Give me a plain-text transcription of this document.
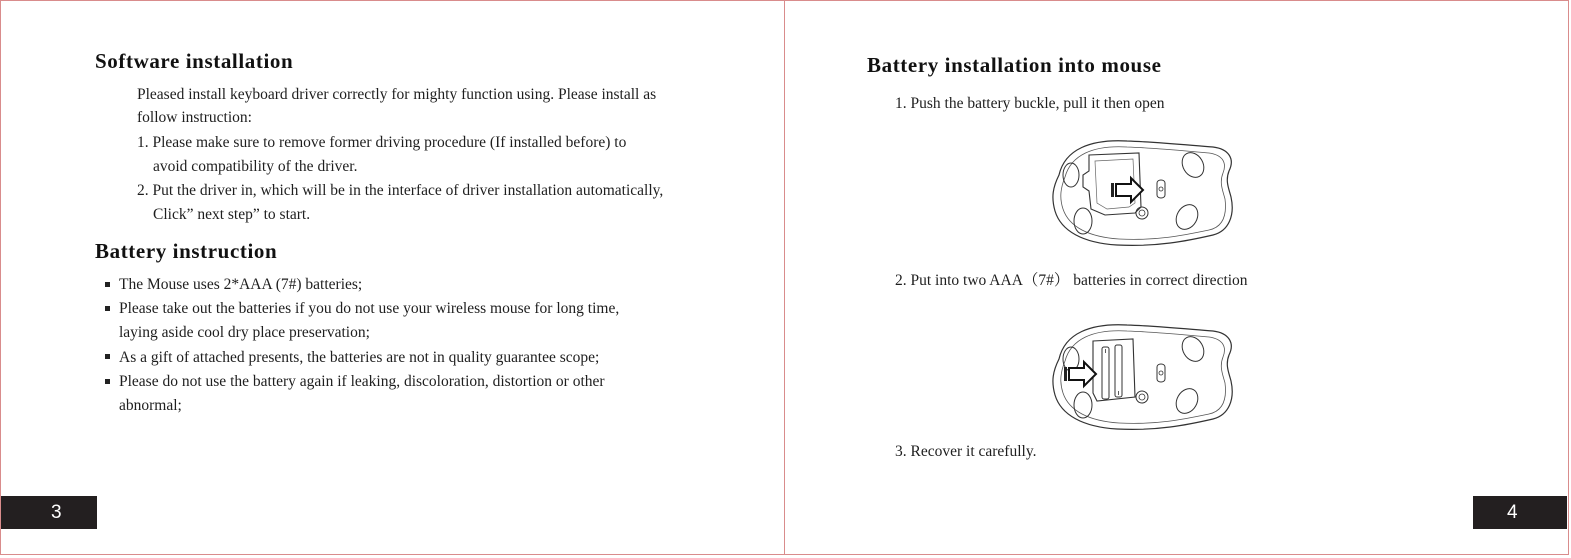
Software installation
Pleased install keyboard driver correctly for mighty function using. Please install as
follow instruction:
1. Please make sure to remove former driving procedure (If installed before) to
avoid compatibility of the driver.
2. Put the driver in, which will be in the interface of driver installation automatically,
Click” next step” to start.
Battery instruction
The Mouse uses 2*AAA (7#) batteries;
Please take out the batteries if you do not use your wireless mouse for long time,
laying aside cool dry place preservation;
As a gift of attached presents, the batteries are not in quality guarantee scope;
Please do not use the battery again if leaking, discoloration, distortion or other
abnormal;
3
Battery installation into mouse
1. Push the battery buckle, pull it then open
2. Put into two AAA（7#） batteries in correct direction
3. Recover it carefully.
4
